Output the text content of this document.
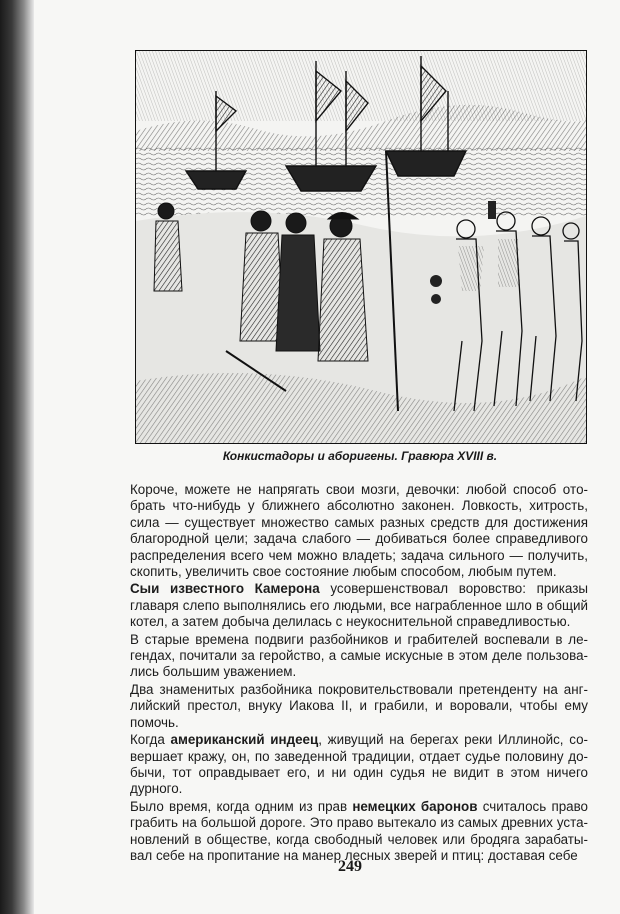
Конкистадоры и аборигены. Гравюра XVIII в.

Короче, можете не напрягать свои мозги, девочки: любой способ отo-
брать что-нибудь у ближнего абсолютно законен. Ловкость, хитрость,
сила — существует множество самых разных средств для достижения
благородной цели; задача слабого — добиваться более справедливого
распределения всего чем можно владеть; задача сильного — получить,
скопить, увеличить свое состояние любым способом, любым путем.

Сыи известного Камерона усовершенствовал воровство: приказы
главаря слепо выполнялись его людьми, все награбленное шло в общий
котел, а затем добыча делилась с неукоснительной справедливостью.

В старые времена подвиги разбойников и грабителей воспевали в ле-
гендах, почитали за геройство, а самые искусные в этом деле пользова-
лись большим уважением.

Два знаменитых разбойника покровительствовали претенденту на анг-
лийский престол, внуку Иакова II, и грабили, и воровали, чтобы ему
помочь.

Когда американский индеец, живущий на берегах реки Иллинойс, со-
вершает кражу, он, по заведенной традиции, отдает судье половину до-
бычи, тот оправдывает его, и ни один судья не видит в этом ничего
дурного.

Было время, когда одним из прав немецких баронов считалось право
грабить на большой дороге. Это право вытекало из самых древних уста-
новлений в обществе, когда свободный человек или бродяга зарабаты-
вал себе на пропитание на манер лесных зверей и птиц: доставая себе

249
